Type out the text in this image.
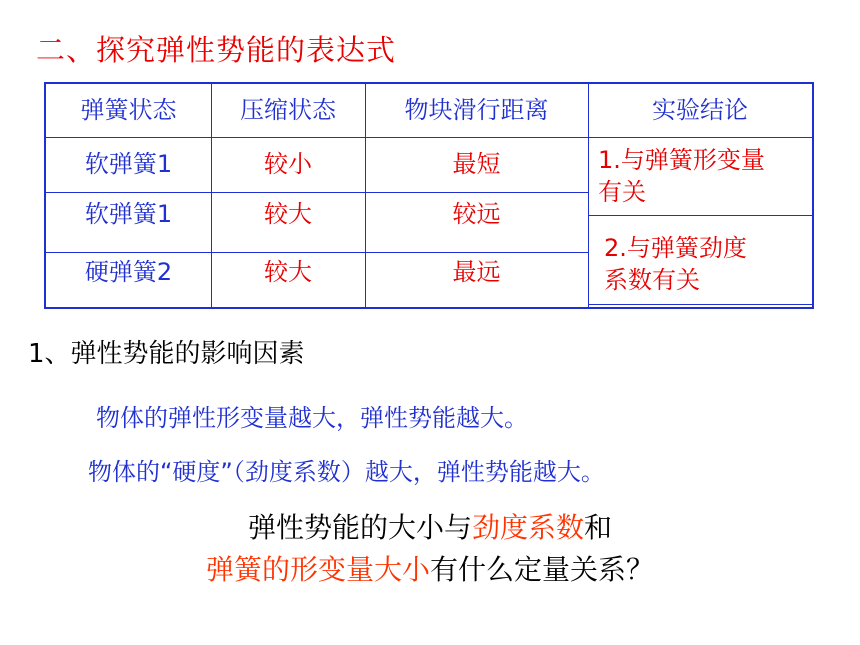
二、探究弹性势能的表达式
弹簧状态	压缩状态	物块滑行距离	实验结论
软弹簧1	较小	最短
软弹簧1	较大	较远
硬弹簧2	较大	最远
1.与弹簧形变量
有关
2.与弹簧劲度
系数有关
1、弹性势能的影响因素
物体的弹性形变量越大，弹性势能越大。
物体的“硬度”（劲度系数）越大，弹性势能越大。
弹性势能的大小与劲度系数和
弹簧的形变量大小有什么定量关系？
